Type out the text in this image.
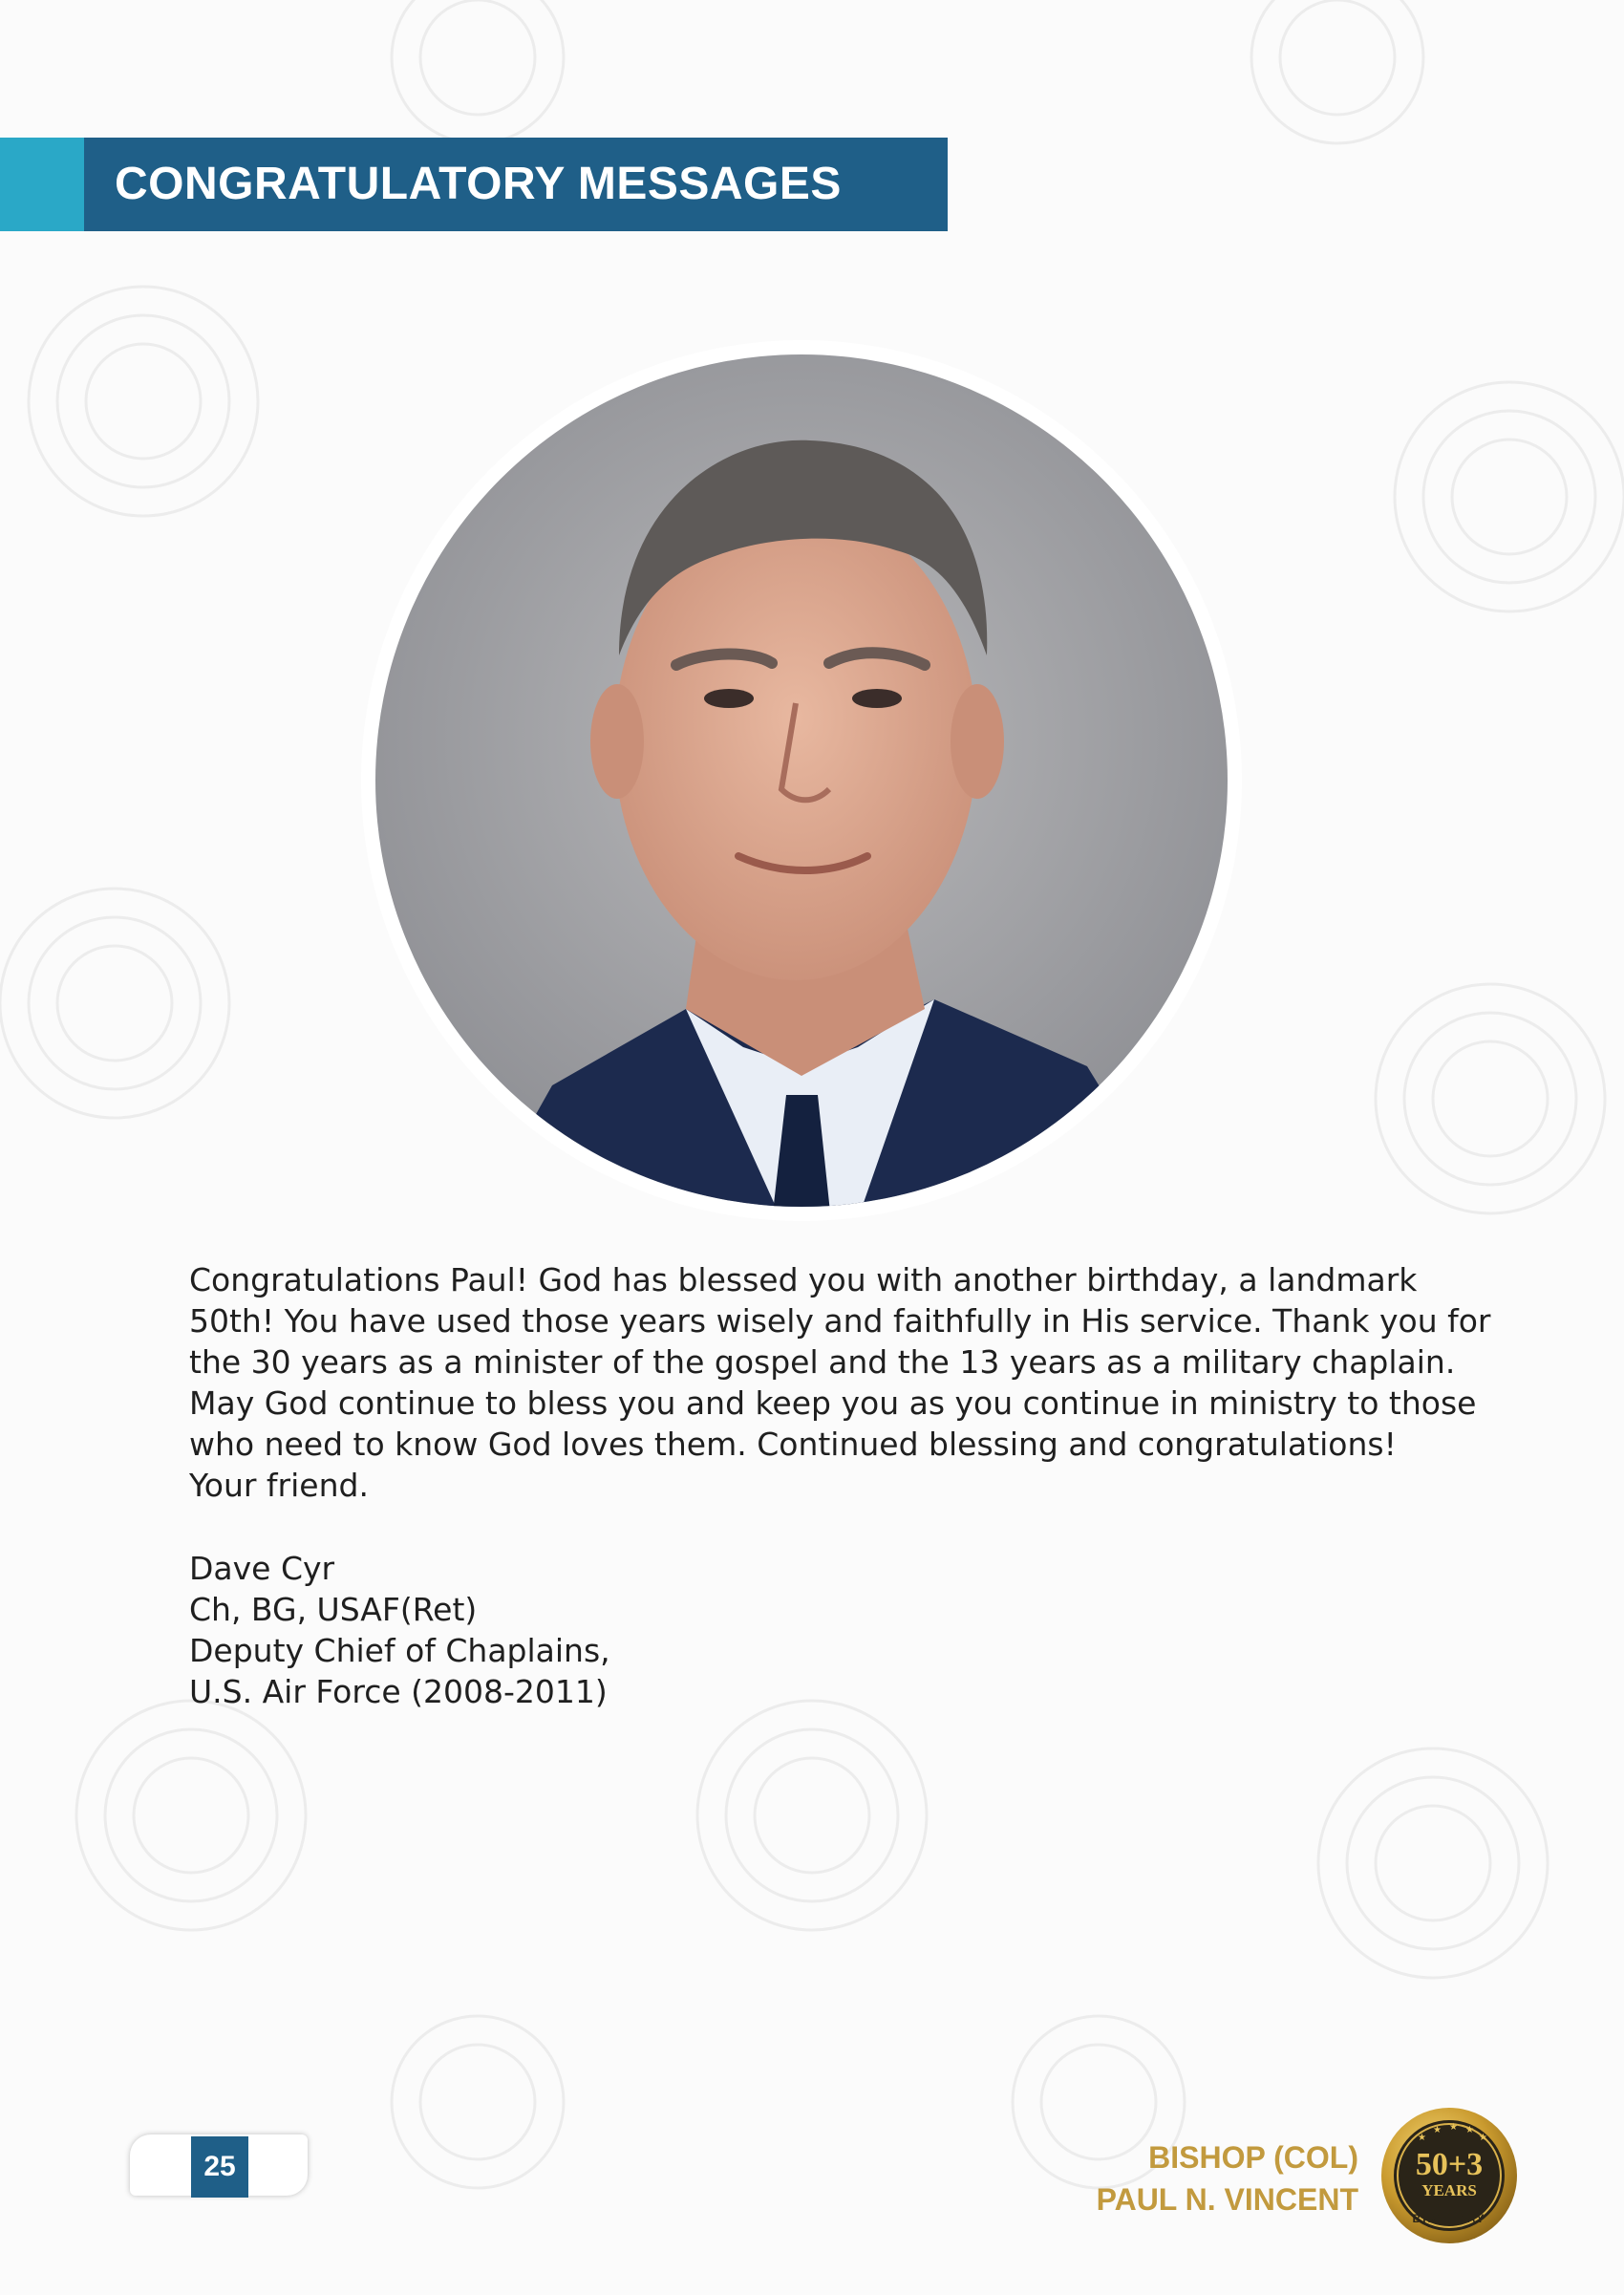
CONGRATULATORY MESSAGES

Congratulations Paul! God has blessed you with another birthday, a landmark

50th! You have used those years wisely and faithfully in His service. Thank you for

the 30 years as a minister of the gospel and the 13 years as a military chaplain.

May God continue to bless you and keep you as you continue in ministry to those

who need to know God loves them. Continued blessing and congratulations!

Your friend.

Dave Cyr
Ch, BG, USAF(Ret)
Deputy Chief of Chaplains,
U.S. Air Force (2008-2011)
25	BISHOP (COL)
PAUL N. VINCENT
50+3
YEARS
BIRTHDAY
★
★ ★ ★
★
